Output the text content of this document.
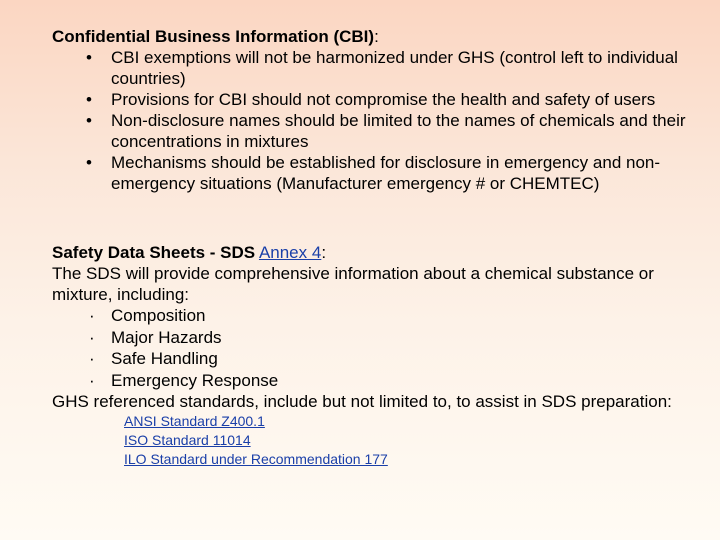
Confidential Business Information (CBI):

•	CBI exemptions will not be harmonized under GHS (control left to individual countries)
•	Provisions for CBI should not compromise the health and safety of users
•	Non-disclosure names should be limited to the names of chemicals and their concentrations in mixtures
•	Mechanisms should be established for disclosure in emergency and non-emergency situations (Manufacturer emergency # or CHEMTEC)

Safety Data Sheets - SDS Annex 4:

The SDS will provide comprehensive information about a chemical substance or mixture, including:

· Composition
· Major Hazards
· Safe Handling
· Emergency Response

GHS referenced standards, include but not limited to, to assist in SDS preparation:

ANSI Standard Z400.1
ISO Standard 11014
ILO Standard under Recommendation 177
